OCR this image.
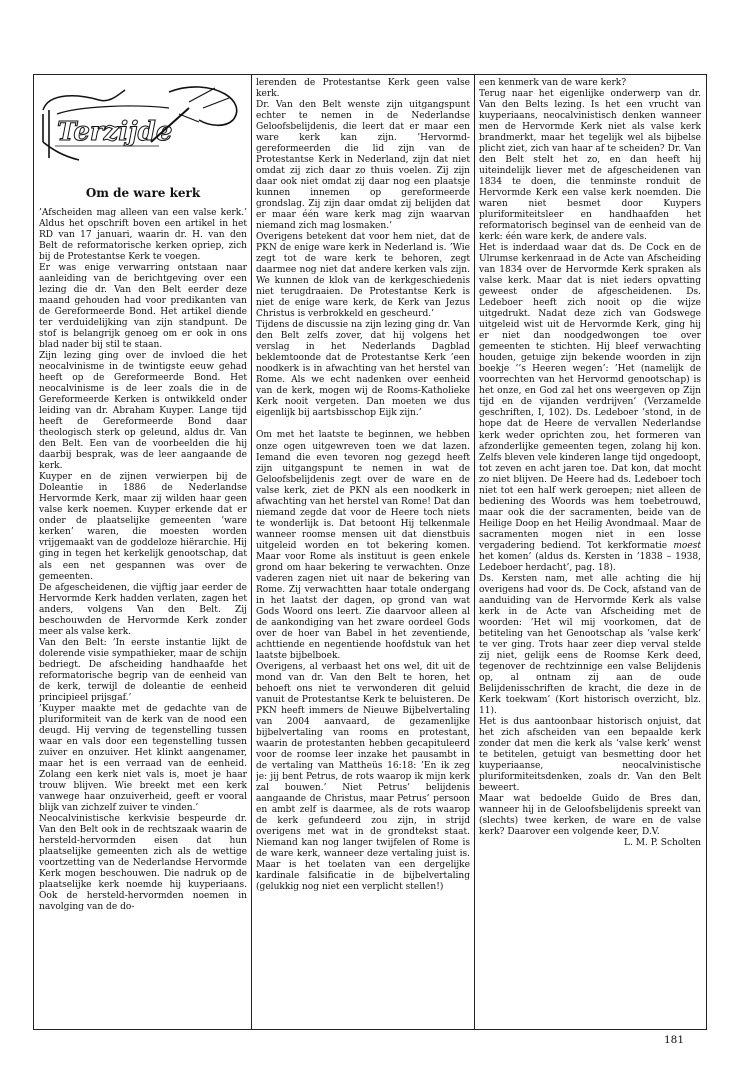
Terzijde
Om de ware kerk

’Afscheiden mag alleen van een valse kerk.’ Aldus het opschrift boven een artikel in het RD van 17 januari, waarin dr. H. van den Belt de reformatorische kerken opriep, zich bij de Protestantse Kerk te voegen.

Er was enige verwarring ontstaan naar aanleiding van de berichtgeving over een lezing die dr. Van den Belt eerder deze maand gehouden had voor predikanten van de Gereformeerde Bond. Het artikel diende ter verduidelijking van zijn standpunt. De stof is belangrijk genoeg om er ook in ons blad nader bij stil te staan.

Zijn lezing ging over de invloed die het neocalvinisme in de twintigste eeuw gehad heeft op de Gereformeerde Bond. Het neocalvinisme is de leer zoals die in de Gereformeerde Kerken is ontwikkeld onder leiding van dr. Abraham Kuyper. Lange tijd heeft de Gereformeerde Bond daar theologisch sterk op geleund, aldus dr. Van den Belt. Een van de voorbeelden die hij daarbij besprak, was de leer aangaande de kerk.

Kuyper en de zijnen verwierpen bij de Doleantie in 1886 de Nederlandse Hervormde Kerk, maar zij wilden haar geen valse kerk noemen. Kuyper erkende dat er onder de plaatselijke gemeenten ’ware kerken’ waren, die moesten worden vrijgemaakt van de goddeloze hiërarchie. Hij ging in tegen het kerkelijk genootschap, dat als een net gespannen was over de gemeenten.

De afgescheidenen, die vijftig jaar eerder de Hervormde Kerk hadden verlaten, zagen het anders, volgens Van den Belt. Zij beschouwden de Hervormde Kerk zonder meer als valse kerk.

Van den Belt: ’In eerste instantie lijkt de dolerende visie sympathieker, maar de schijn bedriegt. De afscheiding handhaafde het reformatorische begrip van de eenheid van de kerk, terwijl de doleantie de eenheid principieel prijsgaf.’

’Kuyper maakte met de gedachte van de pluriformiteit van de kerk van de nood een deugd. Hij verving de tegenstelling tussen waar en vals door een tegenstelling tussen zuiver en onzuiver. Het klinkt aangenamer, maar het is een verraad van de eenheid. Zolang een kerk niet vals is, moet je haar trouw blijven. Wie breekt met een kerk vanwege haar onzuiverheid, geeft er vooral blijk van zichzelf zuiver te vinden.’

Neocalvinistische kerkvisie bespeurde dr. Van den Belt ook in de rechtszaak waarin de hersteld-hervormden eisen dat hun plaatselijke gemeenten zich als de wettige voortzetting van de Nederlandse Hervormde Kerk mogen beschouwen. Die nadruk op de plaatselijke kerk noemde hij kuyperiaans. Ook de hersteld-hervormden noemen in navolging van de do-

lerenden de Protestantse Kerk geen valse kerk.

Dr. Van den Belt wenste zijn uitgangspunt echter te nemen in de Nederlandse Geloofsbelijdenis, die leert dat er maar een ware kerk kan zijn. ’Hervormd-gereformeerden die lid zijn van de Protestantse Kerk in Nederland, zijn dat niet omdat zij zich daar zo thuis voelen. Zij zijn daar ook niet omdat zij daar nog een plaatsje kunnen innemen op gereformeerde grondslag. Zij zijn daar omdat zij belijden dat er maar één ware kerk mag zijn waarvan niemand zich mag losmaken.’

Overigens betekent dat voor hem niet, dat de PKN de enige ware kerk in Nederland is. ’Wie zegt tot de ware kerk te behoren, zegt daarmee nog niet dat andere kerken vals zijn. We kunnen de klok van de kerkgeschiedenis niet terugdraaien. De Protestantse Kerk is niet de enige ware kerk, de Kerk van Jezus Christus is verbrokkeld en gescheurd.’

Tijdens de discussie na zijn lezing ging dr. Van den Belt zelfs zover, dat hij volgens het verslag in het Nederlands Dagblad beklemtoonde dat de Protestantse Kerk ’een noodkerk is in afwachting van het herstel van Rome. Als we echt nadenken over eenheid van de kerk, mogen wij de Rooms-Katholieke Kerk nooit vergeten. Dan moeten we dus eigenlijk bij aartsbisschop Eijk zijn.’

Om met het laatste te beginnen, we hebben onze ogen uitgewreven toen we dat lazen. Iemand die even tevoren nog gezegd heeft zijn uitgangspunt te nemen in wat de Geloofsbelijdenis zegt over de ware en de valse kerk, ziet de PKN als een noodkerk in afwachting van het herstel van Rome! Dat dan niemand zegde dat voor de Heere toch niets te wonderlijk is. Dat betoont Hij telkenmale wanneer roomse mensen uit dat dienstbuis uitgeleid worden en tot bekering komen. Maar voor Rome als instituut is geen enkele grond om haar bekering te verwachten. Onze vaderen zagen niet uit naar de bekering van Rome. Zij verwachtten haar totale ondergang in het laatst der dagen, op grond van wat Gods Woord ons leert. Zie daarvoor alleen al de aankondiging van het zware oordeel Gods over de hoer van Babel in het zeventiende, achttiende en negentiende hoofdstuk van het laatste bijbelboek.

Overigens, al verbaast het ons wel, dit uit de mond van dr. Van den Belt te horen, het behoeft ons niet te verwonderen dit geluid vanuit de Protestantse Kerk te beluisteren. De PKN heeft immers de Nieuwe Bijbelvertaling van 2004 aanvaard, de gezamenlijke bijbelvertaling van rooms en protestant, waarin de protestanten hebben gecapituleerd voor de roomse leer inzake het pausambt in de vertaling van Mattheüs 16:18: ’En ik zeg je: jij bent Petrus, de rots waarop ik mijn kerk zal bouwen.’ Niet Petrus’ belijdenis aangaande de Christus, maar Petrus’ persoon en ambt zelf is daarmee, als de rots waarop de kerk gefundeerd zou zijn, in strijd overigens met wat in de grondtekst staat. Niemand kan nog langer twijfelen of Rome is de ware kerk, wanneer deze vertaling juist is. Maar is het toelaten van een dergelijke kardinale falsificatie in de bijbelvertaling (gelukkig nog niet een verplicht stellen!)

een kenmerk van de ware kerk?

Terug naar het eigenlijke onderwerp van dr. Van den Belts lezing. Is het een vrucht van kuyperiaans, neocalvinistisch denken wanneer men de Hervormde Kerk niet als valse kerk brandmerkt, maar het tegelijk wel als bijbelse plicht ziet, zich van haar af te scheiden? Dr. Van den Belt stelt het zo, en dan heeft hij uiteindelijk liever met de afgescheidenen van 1834 te doen, die tenminste ronduit de Hervormde Kerk een valse kerk noemden. Die waren niet besmet door Kuypers pluriformiteitsleer en handhaafden het reformatorisch beginsel van de eenheid van de kerk: één ware kerk, de andere vals.

Het is inderdaad waar dat ds. De Cock en de Ulrumse kerkenraad in de Acte van Afscheiding van 1834 over de Hervormde Kerk spraken als valse kerk. Maar dat is niet ieders opvatting geweest onder de afgescheidenen. Ds. Ledeboer heeft zich nooit op die wijze uitgedrukt. Nadat deze zich van Godswege uitgeleid wist uit de Hervormde Kerk, ging hij er niet dan noodgedwongen toe over gemeenten te stichten. Hij bleef verwachting houden, getuige zijn bekende woorden in zijn boekje ’’s Heeren wegen’: ’Het (namelijk de voorrechten van het Hervormd genootschap) is het onze, en God zal het ons weergeven op Zijn tijd en de vijanden verdrijven’ (Verzamelde geschriften, I, 102). Ds. Ledeboer ’stond, in de hope dat de Heere de vervallen Nederlandse kerk weder oprichten zou, het formeren van afzonderlijke gemeenten tegen, zolang hij kon. Zelfs bleven vele kinderen lange tijd ongedoopt, tot zeven en acht jaren toe. Dat kon, dat mocht zo niet blijven. De Heere had ds. Ledeboer toch niet tot een half werk geroepen; niet alleen de bediening des Woords was hem toebetrouwd, maar ook die der sacramenten, beide van de Heilige Doop en het Heilig Avondmaal. Maar de sacramenten mogen niet in een losse vergadering bediend. Tot kerkformatie moest het komen’ (aldus ds. Kersten in ’1838 – 1938, Ledeboer herdacht’, pag. 18).

Ds. Kersten nam, met alle achting die hij overigens had voor ds. De Cock, afstand van de aanduiding van de Hervormde Kerk als valse kerk in de Acte van Afscheiding met de woorden: ’Het wil mij voorkomen, dat de betiteling van het Genootschap als ’valse kerk’ te ver ging. Trots haar zeer diep verval stelde zij niet, gelijk eens de Roomse Kerk deed, tegenover de rechtzinnige een valse Belijdenis op, al ontnam zij aan de oude Belijdenisschriften de kracht, die deze in de Kerk toekwam’ (Kort historisch overzicht, blz. 11).

Het is dus aantoonbaar historisch onjuist, dat het zich afscheiden van een bepaalde kerk zonder dat men die kerk als ’valse kerk’ wenst te betitelen, getuigt van besmetting door het kuyperiaanse, neocalvinistische pluriformiteitsdenken, zoals dr. Van den Belt beweert.

Maar wat bedoelde Guido de Bres dan, wanneer hij in de Geloofsbelijdenis spreekt van (slechts) twee kerken, de ware en de valse kerk? Daarover een volgende keer, D.V.

L. M. P. Scholten

181
